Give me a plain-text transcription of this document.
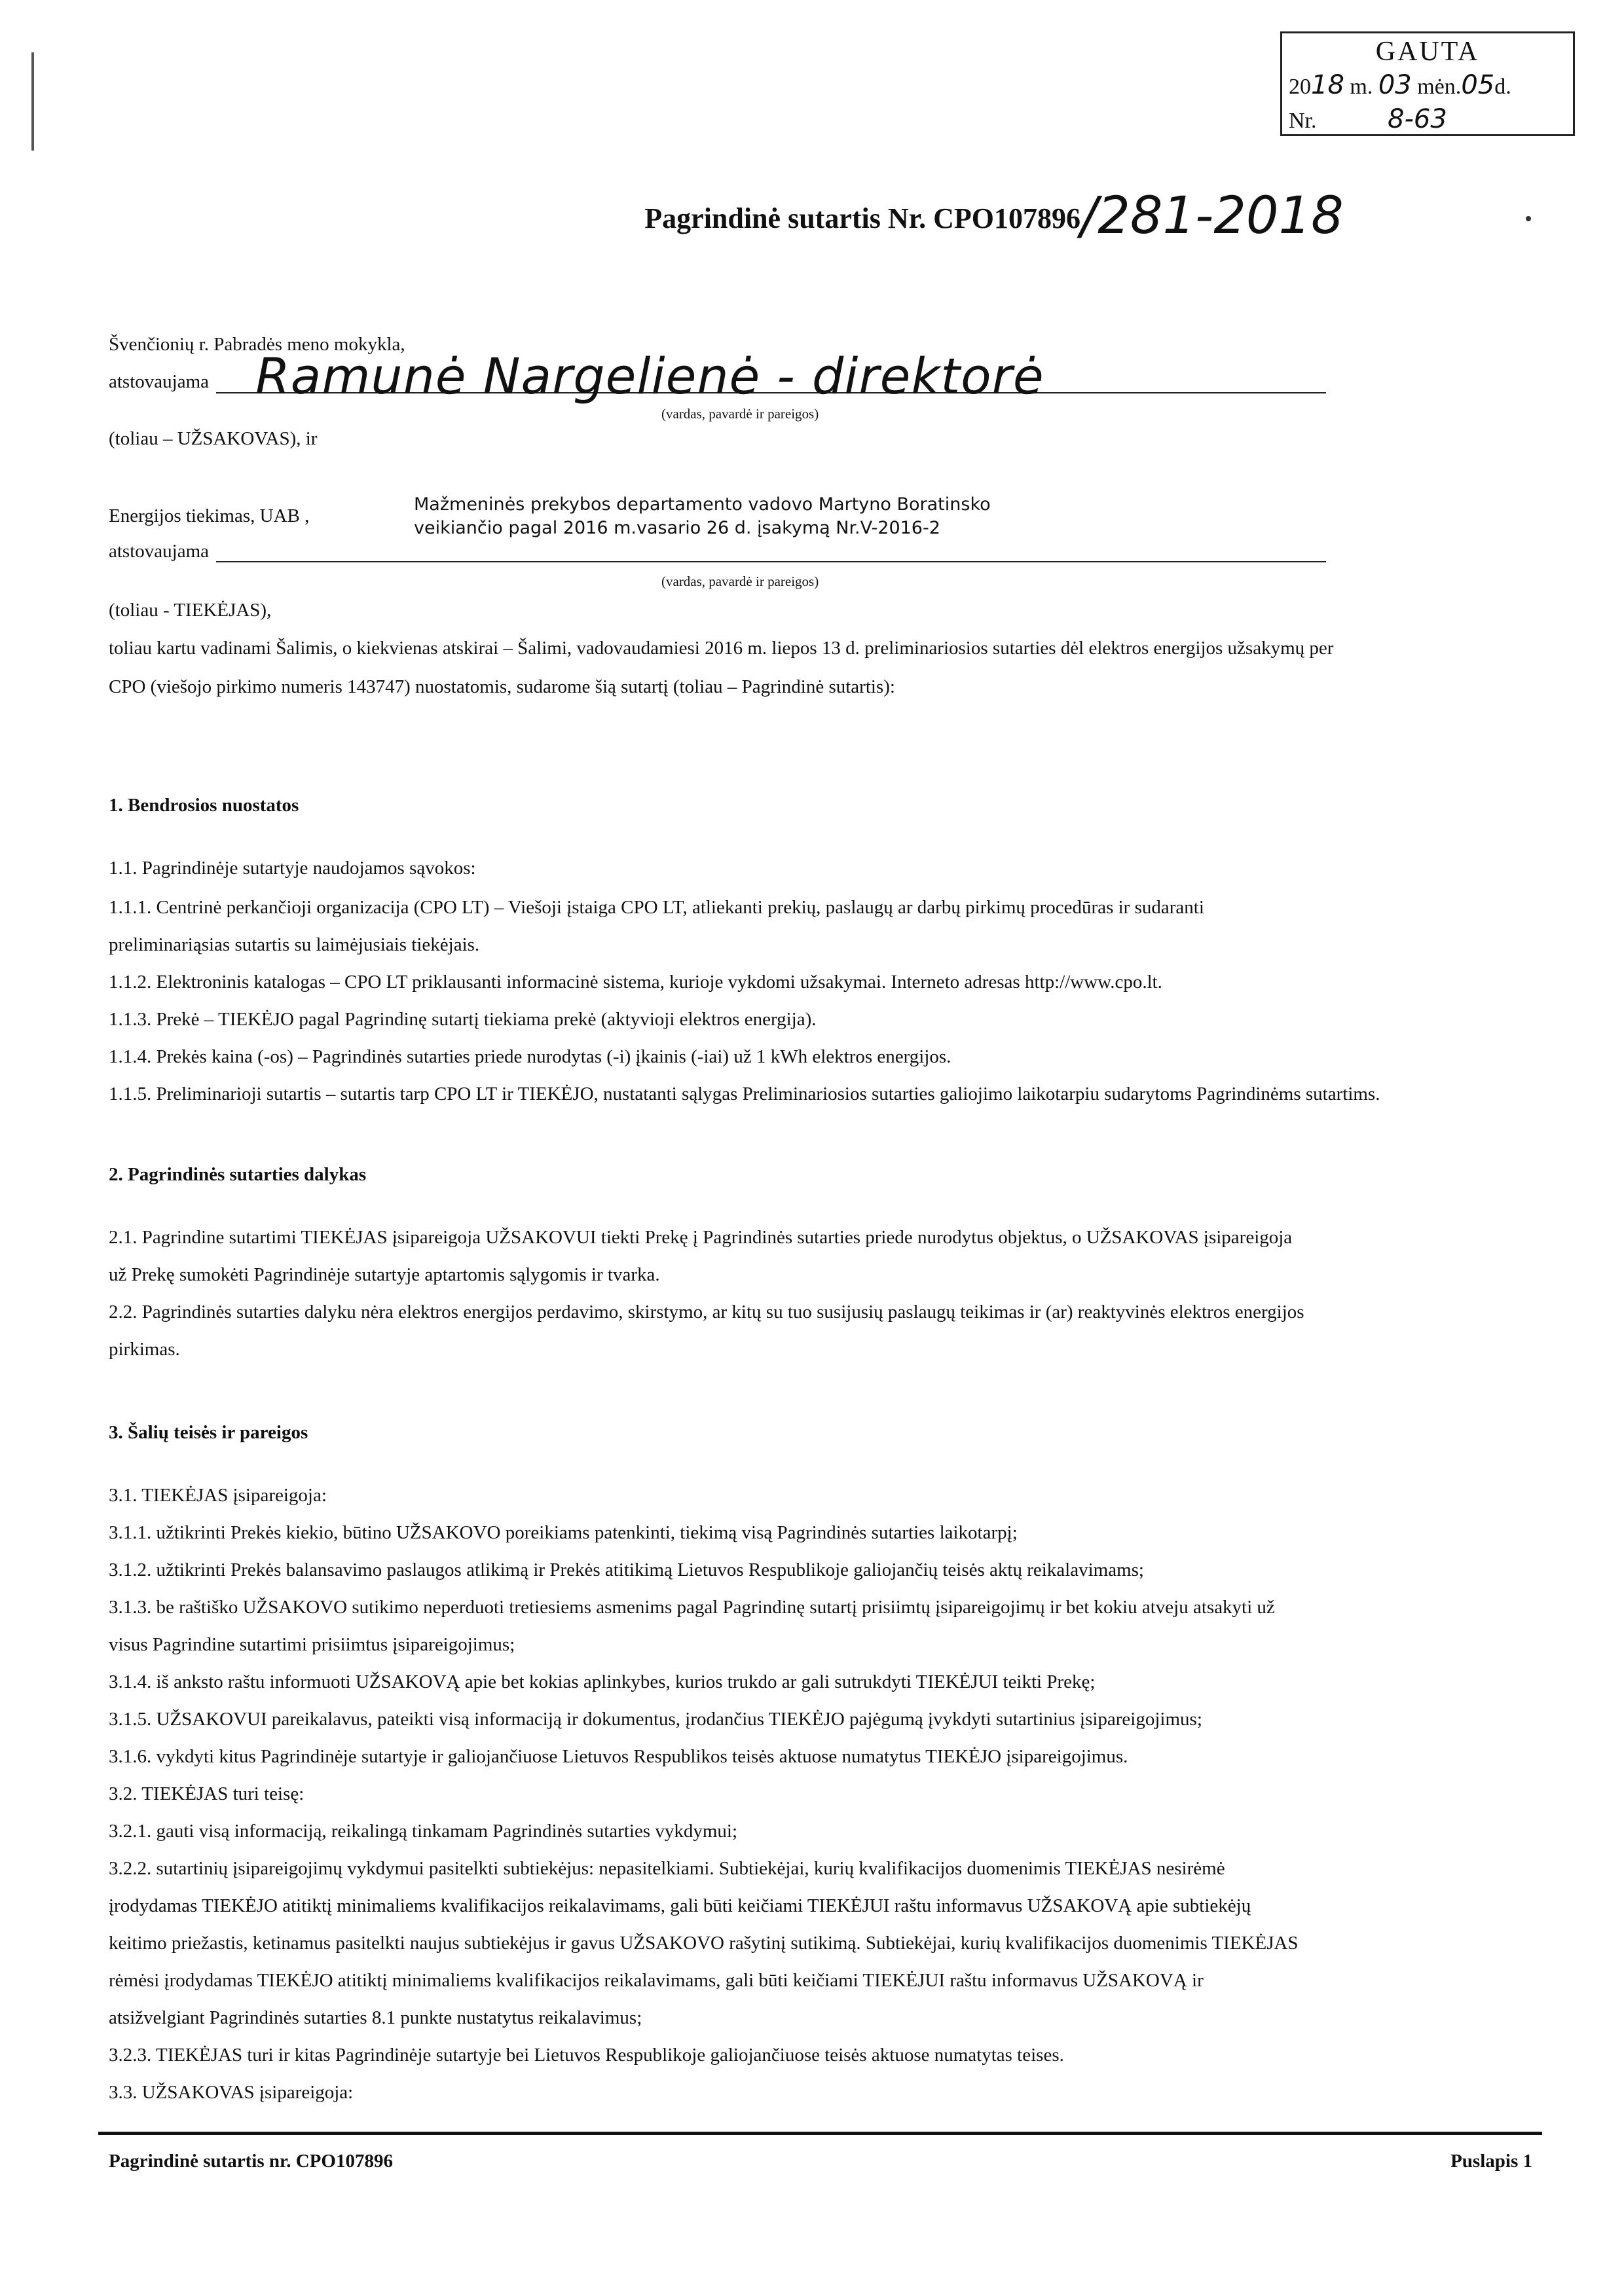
GAUTA
2018 m. 03 mėn.05d.
Nr.	8-63
Pagrindinė sutartis Nr. CPO107896 /281-2018
Švenčionių r. Pabradės meno mokykla,
atstovaujama Ramunė Nargelienė - direktorė
(vardas, pavardė ir pareigos)
(toliau – UŽSAKOVAS), ir
Energijos tiekimas, UAB ,
Mažmeninės prekybos departamento vadovo Martyno Boratinsko
veikiančio pagal 2016 m.vasario 26 d. įsakymą Nr.V-2016-2
atstovaujama
(vardas, pavardė ir pareigos)
(toliau - TIEKĖJAS),
toliau kartu vadinami Šalimis, o kiekvienas atskirai – Šalimi, vadovaudamiesi 2016 m. liepos 13 d. preliminariosios sutarties dėl elektros energijos užsakymų per
CPO (viešojo pirkimo numeris 143747) nuostatomis, sudarome šią sutartį (toliau – Pagrindinė sutartis):
1. Bendrosios nuostatos
1.1. Pagrindinėje sutartyje naudojamos sąvokos:
1.1.1. Centrinė perkančioji organizacija (CPO LT) – Viešoji įstaiga CPO LT, atliekanti prekių, paslaugų ar darbų pirkimų procedūras ir sudaranti
preliminariąsias sutartis su laimėjusiais tiekėjais.
1.1.2. Elektroninis katalogas – CPO LT priklausanti informacinė sistema, kurioje vykdomi užsakymai. Interneto adresas http://www.cpo.lt.
1.1.3. Prekė – TIEKĖJO pagal Pagrindinę sutartį tiekiama prekė (aktyvioji elektros energija).
1.1.4. Prekės kaina (-os) – Pagrindinės sutarties priede nurodytas (-i) įkainis (-iai) už 1 kWh elektros energijos.
1.1.5. Preliminarioji sutartis – sutartis tarp CPO LT ir TIEKĖJO, nustatanti sąlygas Preliminariosios sutarties galiojimo laikotarpiu sudarytoms Pagrindinėms sutartims.
2. Pagrindinės sutarties dalykas
2.1. Pagrindine sutartimi TIEKĖJAS įsipareigoja UŽSAKOVUI tiekti Prekę į Pagrindinės sutarties priede nurodytus objektus, o UŽSAKOVAS įsipareigoja
už Prekę sumokėti Pagrindinėje sutartyje aptartomis sąlygomis ir tvarka.
2.2. Pagrindinės sutarties dalyku nėra elektros energijos perdavimo, skirstymo, ar kitų su tuo susijusių paslaugų teikimas ir (ar) reaktyvinės elektros energijos
pirkimas.
3. Šalių teisės ir pareigos
3.1. TIEKĖJAS įsipareigoja:
3.1.1. užtikrinti Prekės kiekio, būtino UŽSAKOVO poreikiams patenkinti, tiekimą visą Pagrindinės sutarties laikotarpį;
3.1.2. užtikrinti Prekės balansavimo paslaugos atlikimą ir Prekės atitikimą Lietuvos Respublikoje galiojančių teisės aktų reikalavimams;
3.1.3. be raštiško UŽSAKOVO sutikimo neperduoti tretiesiems asmenims pagal Pagrindinę sutartį prisiimtų įsipareigojimų ir bet kokiu atveju atsakyti už
visus Pagrindine sutartimi prisiimtus įsipareigojimus;
3.1.4. iš anksto raštu informuoti UŽSAKOVĄ apie bet kokias aplinkybes, kurios trukdo ar gali sutrukdyti TIEKĖJUI teikti Prekę;
3.1.5. UŽSAKOVUI pareikalavus, pateikti visą informaciją ir dokumentus, įrodančius TIEKĖJO pajėgumą įvykdyti sutartinius įsipareigojimus;
3.1.6. vykdyti kitus Pagrindinėje sutartyje ir galiojančiuose Lietuvos Respublikos teisės aktuose numatytus TIEKĖJO įsipareigojimus.
3.2. TIEKĖJAS turi teisę:
3.2.1. gauti visą informaciją, reikalingą tinkamam Pagrindinės sutarties vykdymui;
3.2.2. sutartinių įsipareigojimų vykdymui pasitelkti subtiekėjus: nepasitelkiami. Subtiekėjai, kurių kvalifikacijos duomenimis TIEKĖJAS nesirėmė
įrodydamas TIEKĖJO atitiktį minimaliems kvalifikacijos reikalavimams, gali būti keičiami TIEKĖJUI raštu informavus UŽSAKOVĄ apie subtiekėjų
keitimo priežastis, ketinamus pasitelkti naujus subtiekėjus ir gavus UŽSAKOVO rašytinį sutikimą. Subtiekėjai, kurių kvalifikacijos duomenimis TIEKĖJAS
rėmėsi įrodydamas TIEKĖJO atitiktį minimaliems kvalifikacijos reikalavimams, gali būti keičiami TIEKĖJUI raštu informavus UŽSAKOVĄ ir
atsižvelgiant Pagrindinės sutarties 8.1 punkte nustatytus reikalavimus;
3.2.3. TIEKĖJAS turi ir kitas Pagrindinėje sutartyje bei Lietuvos Respublikoje galiojančiuose teisės aktuose numatytas teises.
3.3. UŽSAKOVAS įsipareigoja:
Pagrindinė sutartis nr. CPO107896	Puslapis 1
